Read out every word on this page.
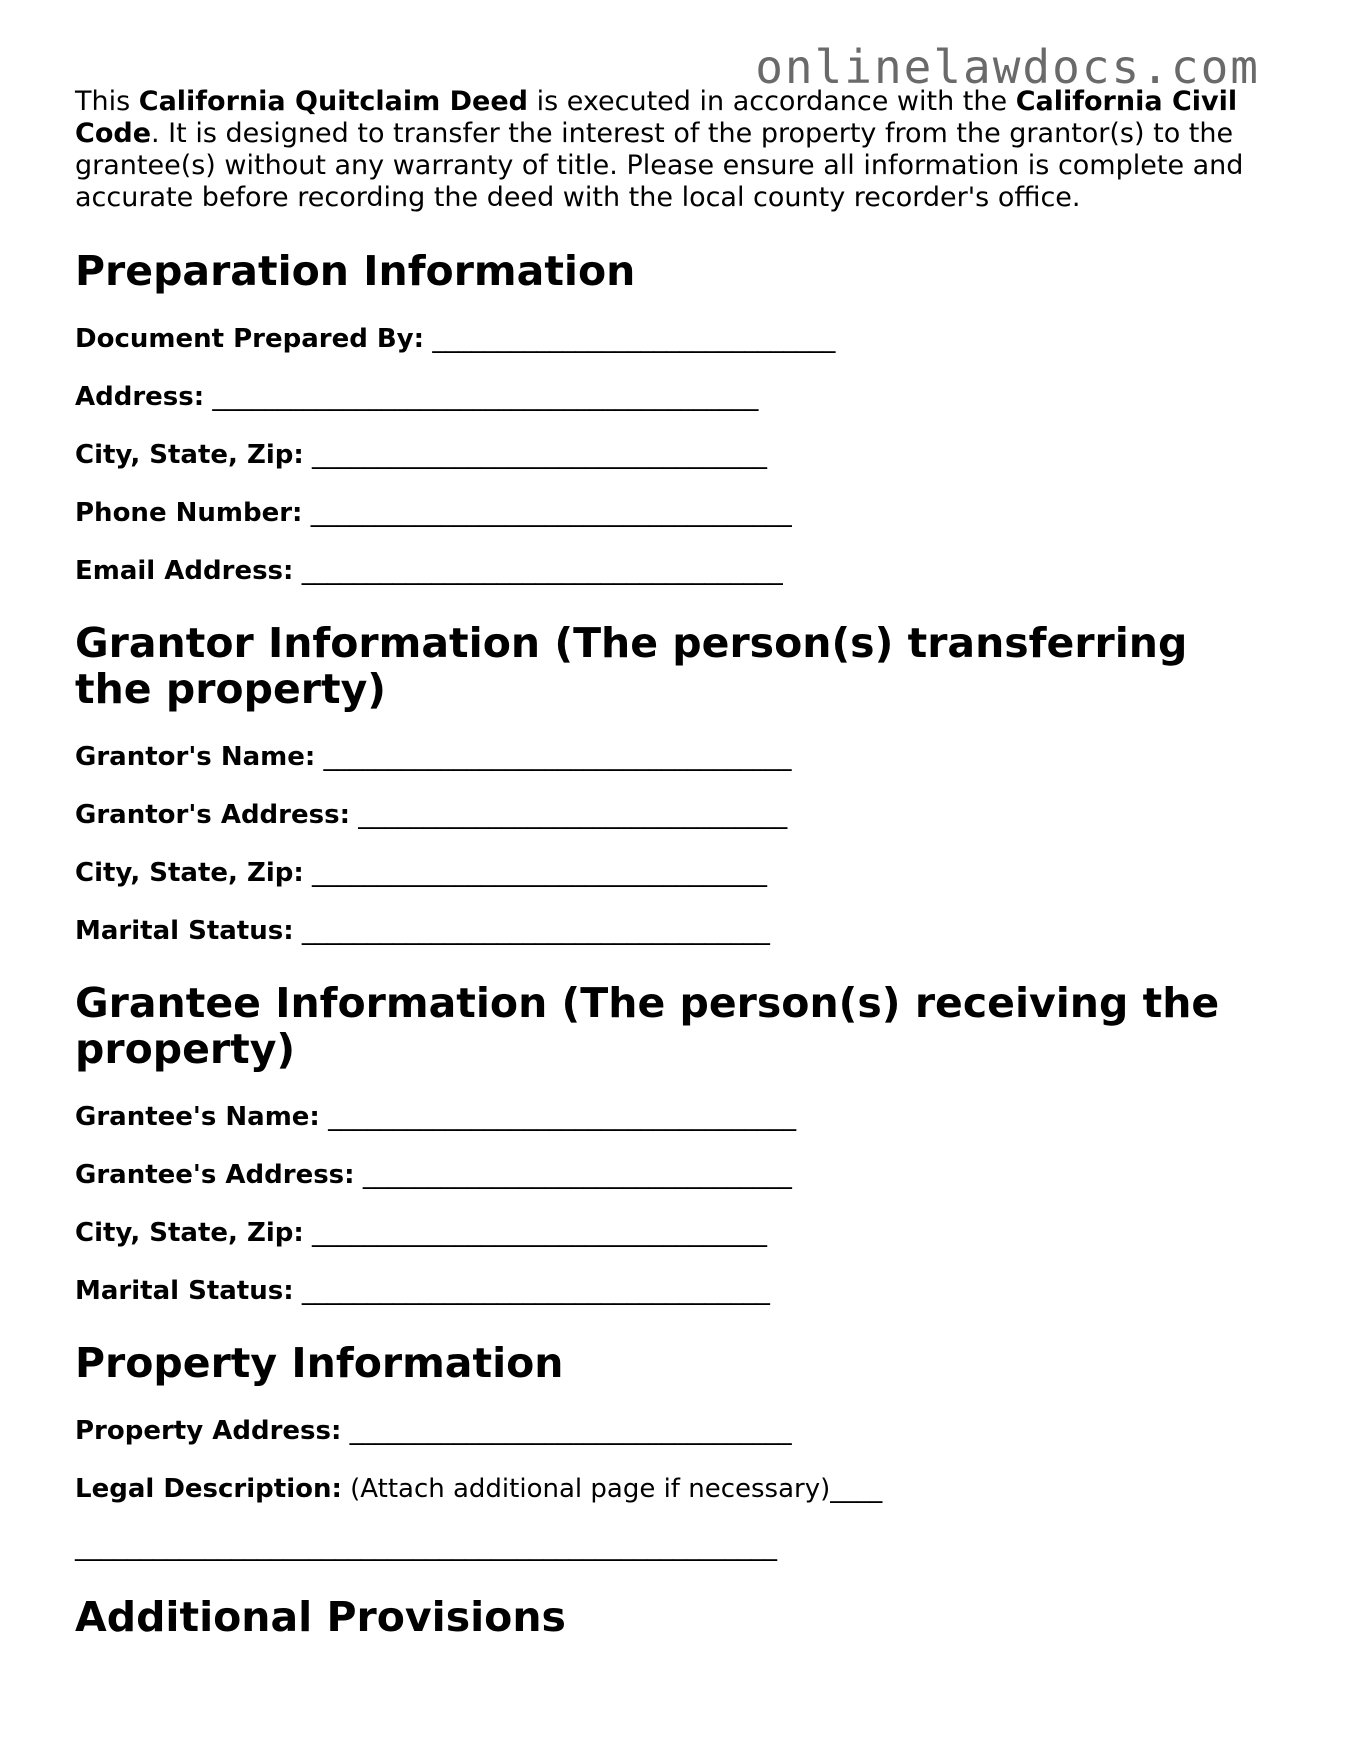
onlinelawdocs.com

This California Quitclaim Deed is executed in accordance with the California Civil Code. It is designed to transfer the interest of the property from the grantor(s) to the grantee(s) without any warranty of title. Please ensure all information is complete and accurate before recording the deed with the local county recorder's office.

Preparation Information
Document Prepared By: _______________________________
Address: __________________________________________
City, State, Zip: ___________________________________
Phone Number: _____________________________________
Email Address: _____________________________________
Grantor Information (The person(s) transferring the property)
Grantor's Name: ____________________________________
Grantor's Address: _________________________________
City, State, Zip: ___________________________________
Marital Status: ____________________________________
Grantee Information (The person(s) receiving the property)
Grantee's Name: ____________________________________
Grantee's Address: _________________________________
City, State, Zip: ___________________________________
Marital Status: ____________________________________
Property Information
Property Address: __________________________________
Legal Description: (Attach additional page if necessary)____
______________________________________________________
Additional Provisions
